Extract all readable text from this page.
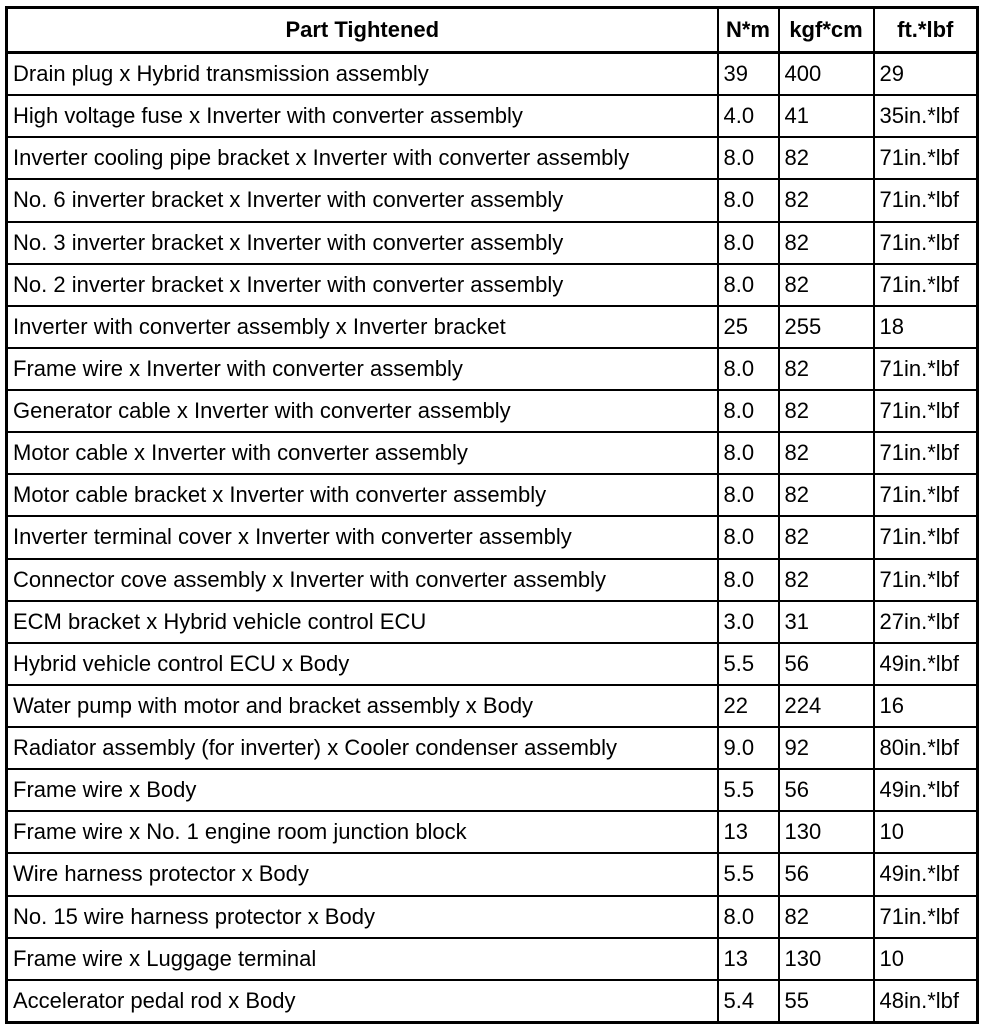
Part Tightened	N*m	kgf*cm	ft.*lbf
Drain plug x Hybrid transmission assembly	39	400	29
High voltage fuse x Inverter with converter assembly	4.0	41	35in.*lbf
Inverter cooling pipe bracket x Inverter with converter assembly	8.0	82	71in.*lbf
No. 6 inverter bracket x Inverter with converter assembly	8.0	82	71in.*lbf
No. 3 inverter bracket x Inverter with converter assembly	8.0	82	71in.*lbf
No. 2 inverter bracket x Inverter with converter assembly	8.0	82	71in.*lbf
Inverter with converter assembly x Inverter bracket	25	255	18
Frame wire x Inverter with converter assembly	8.0	82	71in.*lbf
Generator cable x Inverter with converter assembly	8.0	82	71in.*lbf
Motor cable x Inverter with converter assembly	8.0	82	71in.*lbf
Motor cable bracket x Inverter with converter assembly	8.0	82	71in.*lbf
Inverter terminal cover x Inverter with converter assembly	8.0	82	71in.*lbf
Connector cove assembly x Inverter with converter assembly	8.0	82	71in.*lbf
ECM bracket x Hybrid vehicle control ECU	3.0	31	27in.*lbf
Hybrid vehicle control ECU x Body	5.5	56	49in.*lbf
Water pump with motor and bracket assembly x Body	22	224	16
Radiator assembly (for inverter) x Cooler condenser assembly	9.0	92	80in.*lbf
Frame wire x Body	5.5	56	49in.*lbf
Frame wire x No. 1 engine room junction block	13	130	10
Wire harness protector x Body	5.5	56	49in.*lbf
No. 15 wire harness protector x Body	8.0	82	71in.*lbf
Frame wire x Luggage terminal	13	130	10
Accelerator pedal rod x Body	5.4	55	48in.*lbf
